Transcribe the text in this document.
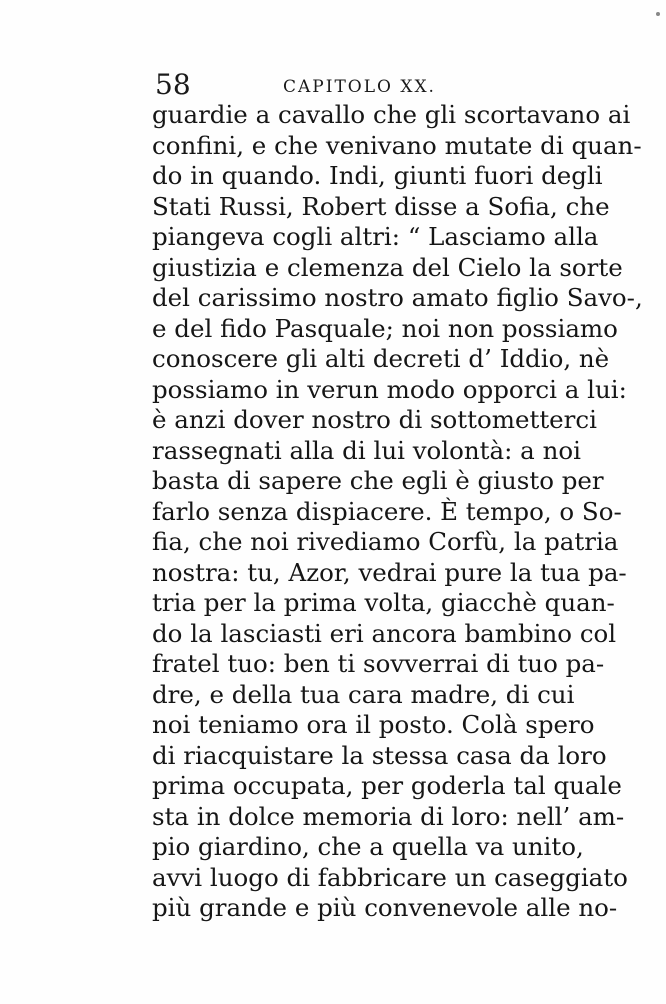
58	CAPITOLO XX.
guardie a cavallo che gli scortavano ai
confini, e che venivano mutate di quan-
do in quando. Indi, giunti fuori degli
Stati Russi, Robert disse a Sofia, che
piangeva cogli altri: “ Lasciamo alla
giustizia e clemenza del Cielo la sorte
del carissimo nostro amato figlio Savo-,
e del fido Pasquale; noi non possiamo
conoscere gli alti decreti d’ Iddio, nè
possiamo in verun modo opporci a lui:
è anzi dover nostro di sottometterci
rassegnati alla di lui volontà: a noi
basta di sapere che egli è giusto per
farlo senza dispiacere. È tempo, o So-
fia, che noi rivediamo Corfù, la patria
nostra: tu, Azor, vedrai pure la tua pa-
tria per la prima volta, giacchè quan-
do la lasciasti eri ancora bambino col
fratel tuo: ben ti sovverrai di tuo pa-
dre, e della tua cara madre, di cui
noi teniamo ora il posto. Colà spero
di riacquistare la stessa casa da loro
prima occupata, per goderla tal quale
sta in dolce memoria di loro: nell’ am-
pio giardino, che a quella va unito,
avvi luogo di fabbricare un caseggiato
più grande e più convenevole alle no-
